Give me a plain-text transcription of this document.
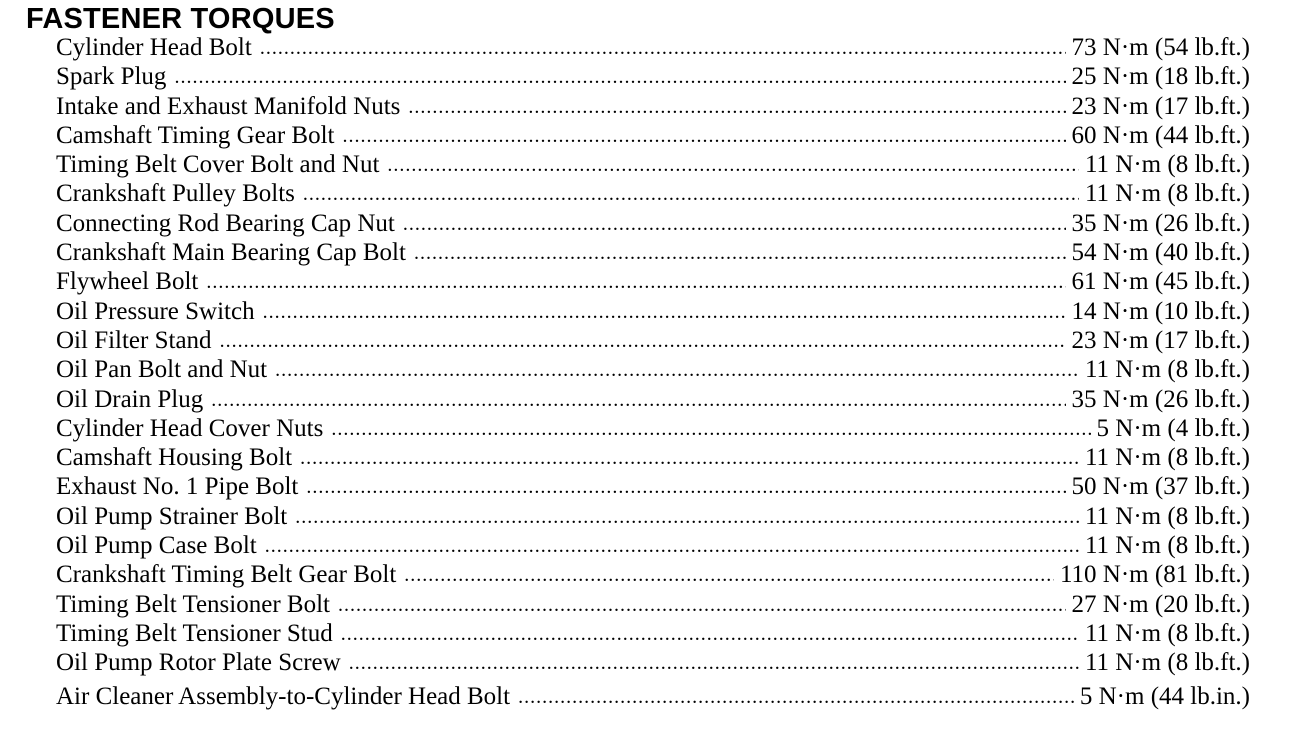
FASTENER TORQUES
Cylinder Head Bolt .....	73 N·m (54 lb.ft.)
Spark Plug .....	25 N·m (18 lb.ft.)
Intake and Exhaust Manifold Nuts .....	23 N·m (17 lb.ft.)
Camshaft Timing Gear Bolt .....	60 N·m (44 lb.ft.)
Timing Belt Cover Bolt and Nut .....	11 N·m (8 lb.ft.)
Crankshaft Pulley Bolts .....	11 N·m (8 lb.ft.)
Connecting Rod Bearing Cap Nut .....	35 N·m (26 lb.ft.)
Crankshaft Main Bearing Cap Bolt .....	54 N·m (40 lb.ft.)
Flywheel Bolt .....	61 N·m (45 lb.ft.)
Oil Pressure Switch .....	14 N·m (10 lb.ft.)
Oil Filter Stand .....	23 N·m (17 lb.ft.)
Oil Pan Bolt and Nut .....	11 N·m (8 lb.ft.)
Oil Drain Plug .....	35 N·m (26 lb.ft.)
Cylinder Head Cover Nuts .....	5 N·m (4 lb.ft.)
Camshaft Housing Bolt .....	11 N·m (8 lb.ft.)
Exhaust No. 1 Pipe Bolt .....	50 N·m (37 lb.ft.)
Oil Pump Strainer Bolt .....	11 N·m (8 lb.ft.)
Oil Pump Case Bolt .....	11 N·m (8 lb.ft.)
Crankshaft Timing Belt Gear Bolt .....	110 N·m (81 lb.ft.)
Timing Belt Tensioner Bolt .....	27 N·m (20 lb.ft.)
Timing Belt Tensioner Stud .....	11 N·m (8 lb.ft.)
Oil Pump Rotor Plate Screw .....	11 N·m (8 lb.ft.)
Air Cleaner Assembly-to-Cylinder Head Bolt .....	5 N·m (44 lb.in.)
